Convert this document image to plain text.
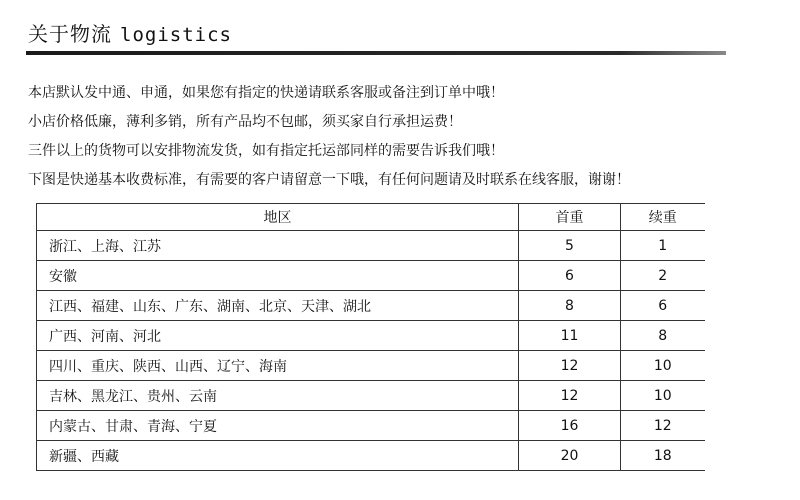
关于物流 logistics
本店默认发中通、申通，如果您有指定的快递请联系客服或备注到订单中哦！
小店价格低廉，薄利多销，所有产品均不包邮，须买家自行承担运费！
三件以上的货物可以安排物流发货，如有指定托运部同样的需要告诉我们哦！
下图是快递基本收费标准，有需要的客户请留意一下哦，有任何问题请及时联系在线客服，谢谢！
地区	首重	续重
浙江、上海、江苏	5	1
安徽	6	2
江西、福建、山东、广东、湖南、北京、天津、湖北	8	6
广西、河南、河北	11	8
四川、重庆、陕西、山西、辽宁、海南	12	10
吉林、黑龙江、贵州、云南	12	10
内蒙古、甘肃、青海、宁夏	16	12
新疆、西藏	20	18
